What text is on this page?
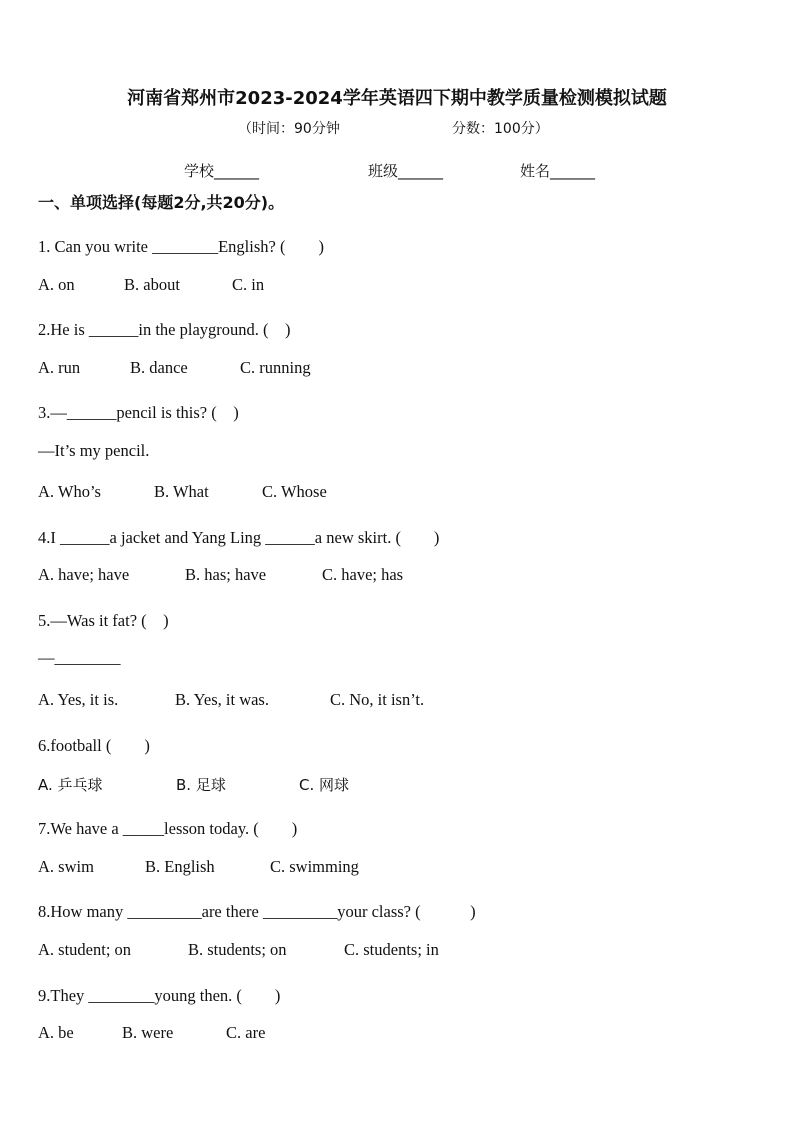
河南省郑州市2023-2024学年英语四下期中教学质量检测模拟试题
（时间：90分钟	分数：100分）
学校______	班级______	姓名______
一、单项选择(每题2分,共20分)。
1. Can you write ________English? (　　)
A. on	B. about	C. in
2.He is ______in the playground. (　)
A. run	B. dance	C. running
3.—______pencil is this? (　)
—It’s my pencil.
A. Who’s	B. What	C. Whose
4.I ______a jacket and Yang Ling ______a new skirt. (　　)
A. have; have	B. has; have	C. have; has
5.—Was it fat? (　)
—________
A. Yes, it is.	B. Yes, it was.	C. No, it isn’t.
6.football (　　)
A. 乒乓球	B. 足球	C. 网球
7.We have a _____lesson today. (　　)
A. swim	B. English	C. swimming
8.How many _________are there _________your class? (　　　)
A. student; on	B. students; on	C. students; in
9.They ________young then. (　　)
A. be	B. were	C. are
